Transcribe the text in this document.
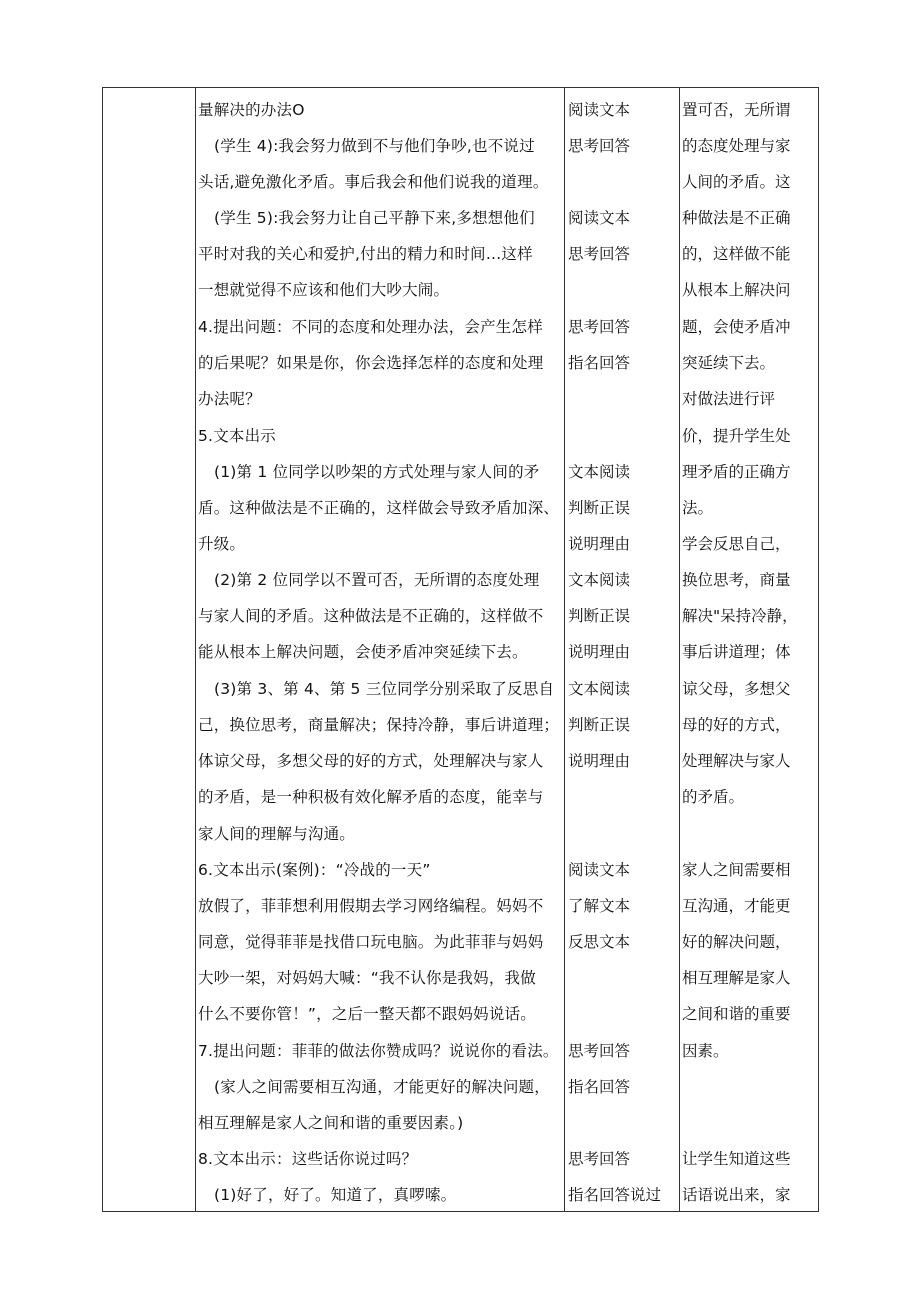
量解决的办法O
(学生 4):我会努力做到不与他们争吵,也不说过
头话,避免激化矛盾。事后我会和他们说我的道理。
(学生 5):我会努力让自己平静下来,多想想他们
平时对我的关心和爱护,付出的精力和时间…这样
一想就觉得不应该和他们大吵大闹。
4.提出问题：不同的态度和处理办法，会产生怎样
的后果呢？如果是你，你会选择怎样的态度和处理
办法呢？
5.文本出示
(1)第 1 位同学以吵架的方式处理与家人间的矛
盾。这种做法是不正确的，这样做会导致矛盾加深、
升级。
(2)第 2 位同学以不置可否，无所谓的态度处理
与家人间的矛盾。这种做法是不正确的，这样做不
能从根本上解决问题，会使矛盾冲突延续下去。
(3)第 3、第 4、第 5 三位同学分别采取了反思自
己，换位思考，商量解决；保持冷静，事后讲道理；
体谅父母，多想父母的好的方式，处理解决与家人
的矛盾，是一种积极有效化解矛盾的态度，能幸与
家人间的理解与沟通。
6.文本出示(案例)：“冷战的一天”
放假了，菲菲想利用假期去学习网络编程。妈妈不
同意，觉得菲菲是找借口玩电脑。为此菲菲与妈妈
大吵一架，对妈妈大喊：“我不认你是我妈，我做
什么不要你管！”，之后一整天都不跟妈妈说话。
7.提出问题：菲菲的做法你赞成吗？说说你的看法。
(家人之间需要相互沟通，才能更好的解决问题，
相互理解是家人之间和谐的重要因素。)
8.文本出示：这些话你说过吗？
(1)好了，好了。知道了，真啰嗦。
阅读文本
思考回答
阅读文本
思考回答
思考回答
指名回答
文本阅读
判断正误
说明理由
文本阅读
判断正误
说明理由
文本阅读
判断正误
说明理由
阅读文本
了解文本
反思文本
思考回答
指名回答
思考回答
指名回答说过
置可否，无所谓
的态度处理与家
人间的矛盾。这
种做法是不正确
的，这样做不能
从根本上解决问
题，会使矛盾冲
突延续下去。
对做法进行评
价，提升学生处
理矛盾的正确方
法。
学会反思自己，
换位思考，商量
解决"呆持冷静，
事后讲道理；体
谅父母，多想父
母的好的方式，
处理解决与家人
的矛盾。
家人之间需要相
互沟通，才能更
好的解决问题，
相互理解是家人
之间和谐的重要
因素。
让学生知道这些
话语说出来，家
